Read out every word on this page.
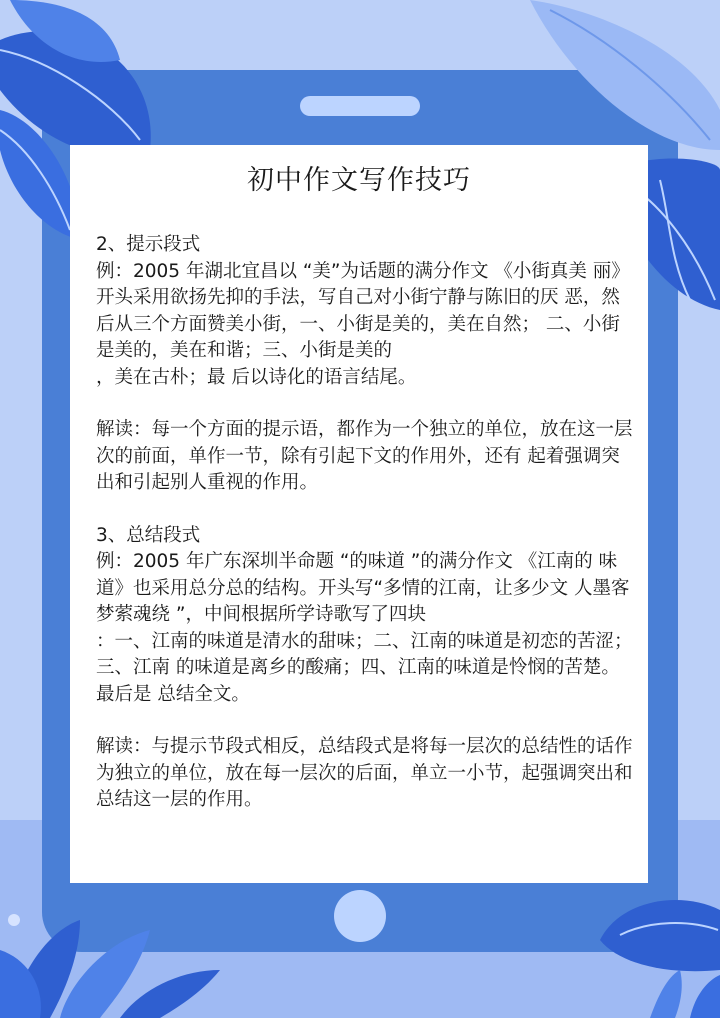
初中作文写作技巧

2、提示段式
例：2005 年湖北宜昌以 “美”为话题的满分作文 《小街真美 丽》开头采用欲扬先抑的手法，写自己对小街宁静与陈旧的厌 恶，然后从三个方面赞美小街，一、小街是美的，美在自然； 二、小街是美的，美在和谐；三、小街是美的
，美在古朴；最 后以诗化的语言结尾。

解读：每一个方面的提示语，都作为一个独立的单位，放在这一层次的前面，单作一节，除有引起下文的作用外，还有 起着强调突出和引起别人重视的作用。

3、总结段式
例：2005 年广东深圳半命题 “的味道 ”的满分作文 《江南的 味道》也采用总分总的结构。开头写“多情的江南，让多少文 人墨客梦萦魂绕 ”，中间根据所学诗歌写了四块
：一、江南的味道是清水的甜味；二、江南的味道是初恋的苦涩；三、江南 的味道是离乡的酸痛；四、江南的味道是怜悯的苦楚。最后是 总结全文。

解读：与提示节段式相反，总结段式是将每一层次的总结性的话作为独立的单位，放在每一层次的后面，单立一小节，起强调突出和总结这一层的作用。
